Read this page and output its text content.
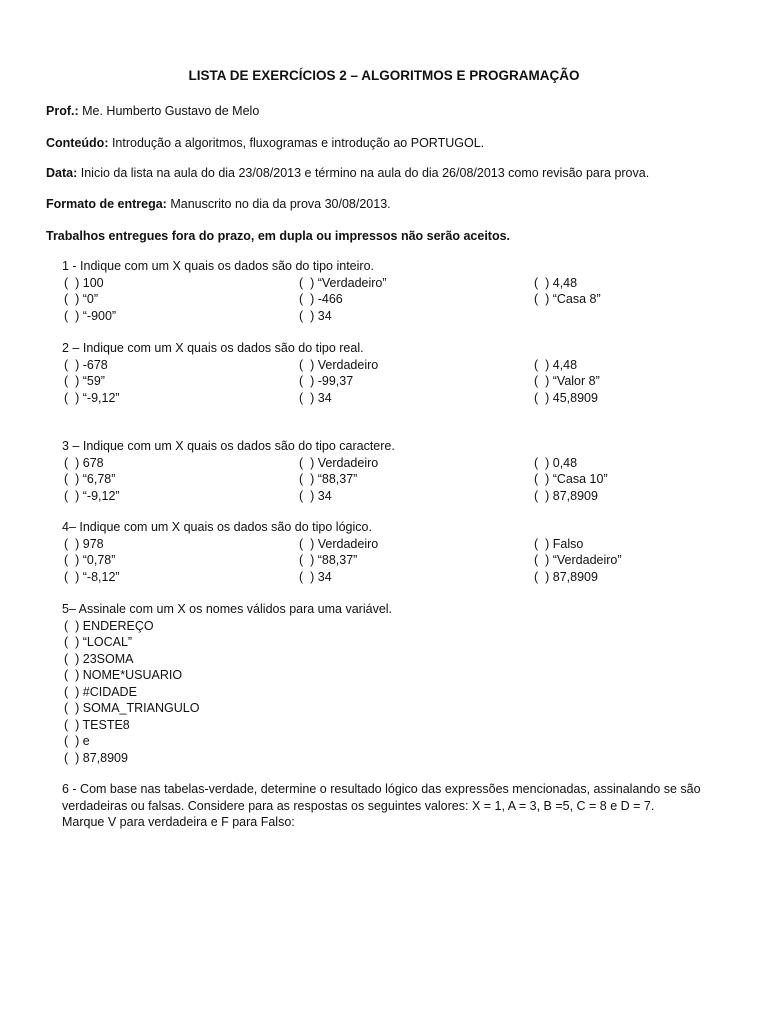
LISTA DE EXERCÍCIOS 2 – ALGORITMOS E PROGRAMAÇÃO
Prof.: Me. Humberto Gustavo de Melo
Conteúdo: Introdução a algoritmos, fluxogramas e introdução ao PORTUGOL.
Data: Inicio da lista na aula do dia 23/08/2013 e término na aula do dia 26/08/2013 como revisão para prova.
Formato de entrega: Manuscrito no dia da prova 30/08/2013.
Trabalhos entregues fora do prazo, em dupla ou impressos não serão aceitos.
1 - Indique com um X quais os dados são do tipo inteiro.
(  ) 100	(  ) “Verdadeiro”	(  ) 4,48
(  ) “0”	(  ) -466	(  ) “Casa 8”
(  ) “-900”	(  ) 34
2 – Indique com um X quais os dados são do tipo real.
(  ) -678	(  ) Verdadeiro	(  ) 4,48
(  ) “59”	(  ) -99,37	(  ) “Valor 8”
(  ) “-9,12”	(  ) 34	(  ) 45,8909
3 – Indique com um X quais os dados são do tipo caractere.
(  ) 678	(  ) Verdadeiro	(  ) 0,48
(  ) “6,78”	(  ) “88,37”	(  ) “Casa 10”
(  ) “-9,12”	(  ) 34	(  ) 87,8909
4– Indique com um X quais os dados são do tipo lógico.
(  ) 978	(  ) Verdadeiro	(  ) Falso
(  ) “0,78”	(  ) “88,37”	(  ) “Verdadeiro”
(  ) “-8,12”	(  ) 34	(  ) 87,8909
5– Assinale com um X os nomes válidos para uma variável.
(  ) ENDEREÇO
(  ) “LOCAL”
(  ) 23SOMA
(  ) NOME*USUARIO
(  ) #CIDADE
(  ) SOMA_TRIANGULO
(  ) TESTE8
(  ) e
(  ) 87,8909
6 - Com base nas tabelas-verdade, determine o resultado lógico das expressões mencionadas, assinalando se são
verdadeiras ou falsas. Considere para as respostas os seguintes valores: X = 1, A = 3, B =5, C = 8 e D = 7.
Marque V para verdadeira e F para Falso:
